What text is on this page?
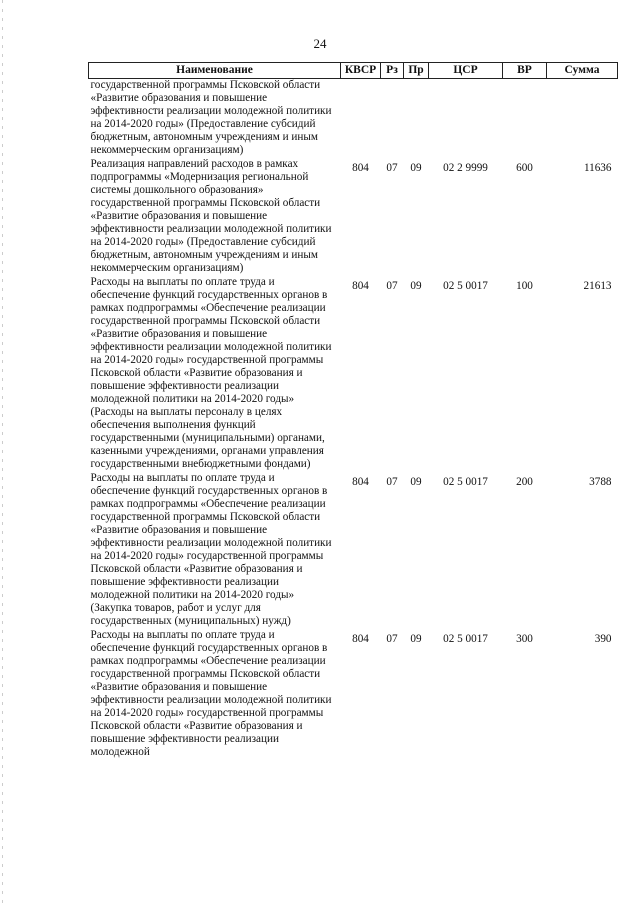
24
Наименование	КВСР	Рз	Пр	ЦСР	ВР	Сумма
государственной программы Псковской области «Развитие образования и повышение эффективности реализации молодежной политики на 2014-2020 годы» (Предоставление субсидий бюджетным, автономным учреждениям и иным некоммерческим организациям)						
Реализация направлений расходов в рамках подпрограммы «Модернизация региональной системы дошкольного образования» государственной программы Псковской области «Развитие образования и повышение эффективности реализации молодежной политики на 2014-2020 годы» (Предоставление субсидий бюджетным, автономным учреждениям и иным некоммерческим организациям)	804	07	09	02 2 9999	600	11636
Расходы на выплаты по оплате труда и обеспечение функций государственных органов в рамках подпрограммы «Обеспечение реализации государственной программы Псковской области «Развитие образования и повышение эффективности реализации молодежной политики на 2014-2020 годы» государственной программы Псковской области «Развитие образования и повышение эффективности реализации молодежной политики на 2014-2020 годы» (Расходы на выплаты персоналу в целях обеспечения выполнения функций государственными (муниципальными) органами, казенными учреждениями, органами управления государственными внебюджетными фондами)	804	07	09	02 5 0017	100	21613
Расходы на выплаты по оплате труда и обеспечение функций государственных органов в рамках подпрограммы «Обеспечение реализации государственной программы Псковской области «Развитие образования и повышение эффективности реализации молодежной политики на 2014-2020 годы» государственной программы Псковской области «Развитие образования и повышение эффективности реализации молодежной политики на 2014-2020 годы» (Закупка товаров, работ и услуг для государственных (муниципальных) нужд)	804	07	09	02 5 0017	200	3788
Расходы на выплаты по оплате труда и обеспечение функций государственных органов в рамках подпрограммы «Обеспечение реализации государственной программы Псковской области «Развитие образования и повышение эффективности реализации молодежной политики на 2014-2020 годы» государственной программы Псковской области «Развитие образования и повышение эффективности реализации молодежной	804	07	09	02 5 0017	300	390
